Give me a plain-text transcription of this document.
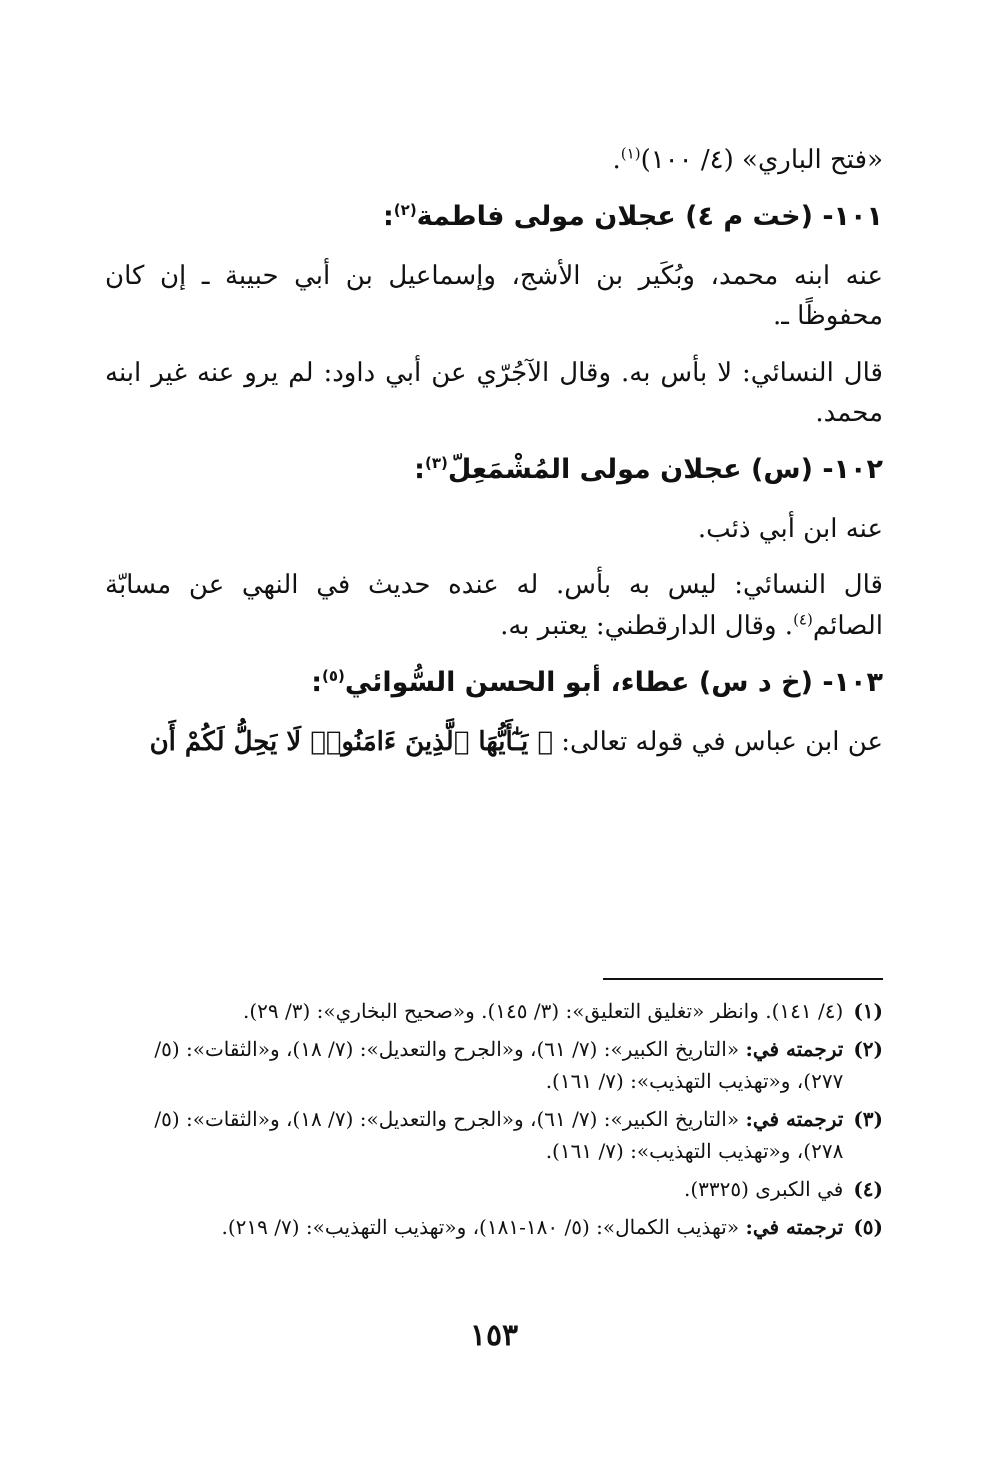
«فتح الباري» (٤/ ١٠٠)$^{(١)}$.

١٠١- (خت م ٤) عجلان مولى فاطمة$^{(٢)}$:

عنه ابنه محمد، وبُكَير بن الأشج، وإسماعيل بن أبي حبيبة ـ إن كان محفوظًا ـ.

قال النسائي: لا بأس به. وقال الآجُرّي عن أبي داود: لم يرو عنه غير ابنه محمد.

١٠٢- (س) عجلان مولى المُشْمَعِلّ$^{(٣)}$:

عنه ابن أبي ذئب.

قال النسائي: ليس به بأس. له عنده حديث في النهي عن مسابّة الصائم$^{(٤)}$. وقال الدارقطني: يعتبر به.

١٠٣- (خ د س) عطاء، أبو الحسن السُّوائي$^{(٥)}$:

عن ابن عباس في قوله تعالى: ﴿ يَـٰٓأَيُّهَا ٱلَّذِينَ ءَامَنُوا۟ لَا يَحِلُّ لَكُمْ أَن

(١)
(٤/ ١٤١). وانظر «تغليق التعليق»: (٣/ ١٤٥). و«صحيح البخاري»: (٣/ ٢٩).
(٢)
ترجمته في: «التاريخ الكبير»: (٧/ ٦١)، و«الجرح والتعديل»: (٧/ ١٨)، و«الثقات»: (٥/ ٢٧٧)، و«تهذيب التهذيب»: (٧/ ١٦١).
(٣)
ترجمته في: «التاريخ الكبير»: (٧/ ٦١)، و«الجرح والتعديل»: (٧/ ١٨)، و«الثقات»: (٥/ ٢٧٨)، و«تهذيب التهذيب»: (٧/ ١٦١).
(٤)
في الكبرى (٣٣٢٥).
(٥)
ترجمته في: «تهذيب الكمال»: (٥/ ١٨٠-١٨١)، و«تهذيب التهذيب»: (٧/ ٢١٩).
١٥٣
